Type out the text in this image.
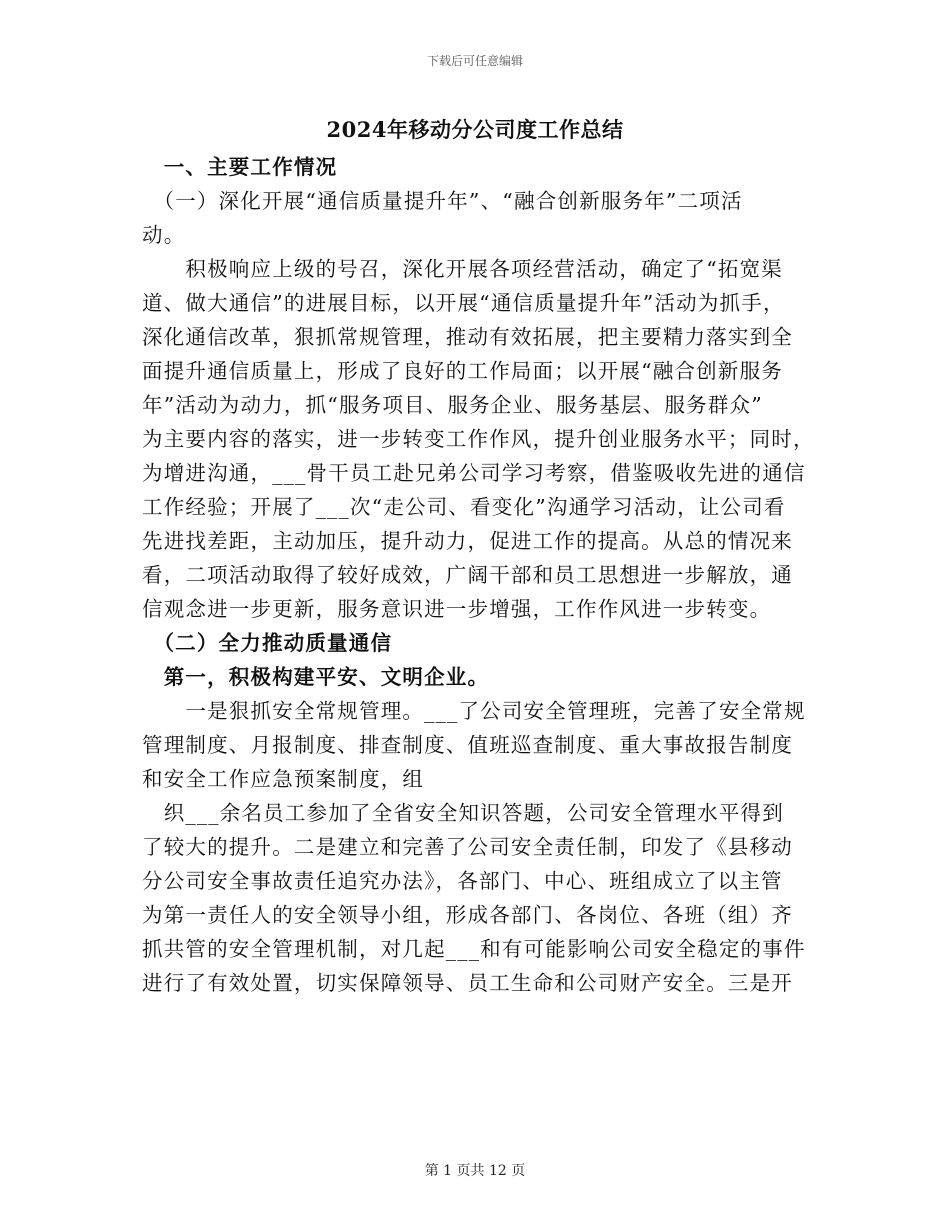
下载后可任意编辑
2024年移动分公司度工作总结
　一、主要工作情况
　（一）深化开展“通信质量提升年”、“融合创新服务年”二项活
动。
　　积极响应上级的号召，深化开展各项经营活动，确定了“拓宽渠
道、做大通信”的进展目标，以开展“通信质量提升年”活动为抓手，
深化通信改革，狠抓常规管理，推动有效拓展，把主要精力落实到全
面提升通信质量上，形成了良好的工作局面；以开展“融合创新服务
年”活动为动力，抓“服务项目、服务企业、服务基层、服务群众”
为主要内容的落实，进一步转变工作作风，提升创业服务水平；同时，
为增进沟通，___骨干员工赴兄弟公司学习考察，借鉴吸收先进的通信
工作经验；开展了___次“走公司、看变化”沟通学习活动，让公司看
先进找差距，主动加压，提升动力，促进工作的提高。从总的情况来
看，二项活动取得了较好成效，广阔干部和员工思想进一步解放，通
信观念进一步更新，服务意识进一步增强，工作作风进一步转变。
　（二）全力推动质量通信
　第一，积极构建平安、文明企业。
　　一是狠抓安全常规管理。___了公司安全管理班，完善了安全常规
管理制度、月报制度、排查制度、值班巡查制度、重大事故报告制度
和安全工作应急预案制度，组
　织___余名员工参加了全省安全知识答题，公司安全管理水平得到
了较大的提升。二是建立和完善了公司安全责任制，印发了《县移动
分公司安全事故责任追究办法》，各部门、中心、班组成立了以主管
为第一责任人的安全领导小组，形成各部门、各岗位、各班（组）齐
抓共管的安全管理机制，对几起___和有可能影响公司安全稳定的事件
进行了有效处置，切实保障领导、员工生命和公司财产安全。三是开
第 1 页共 12 页
